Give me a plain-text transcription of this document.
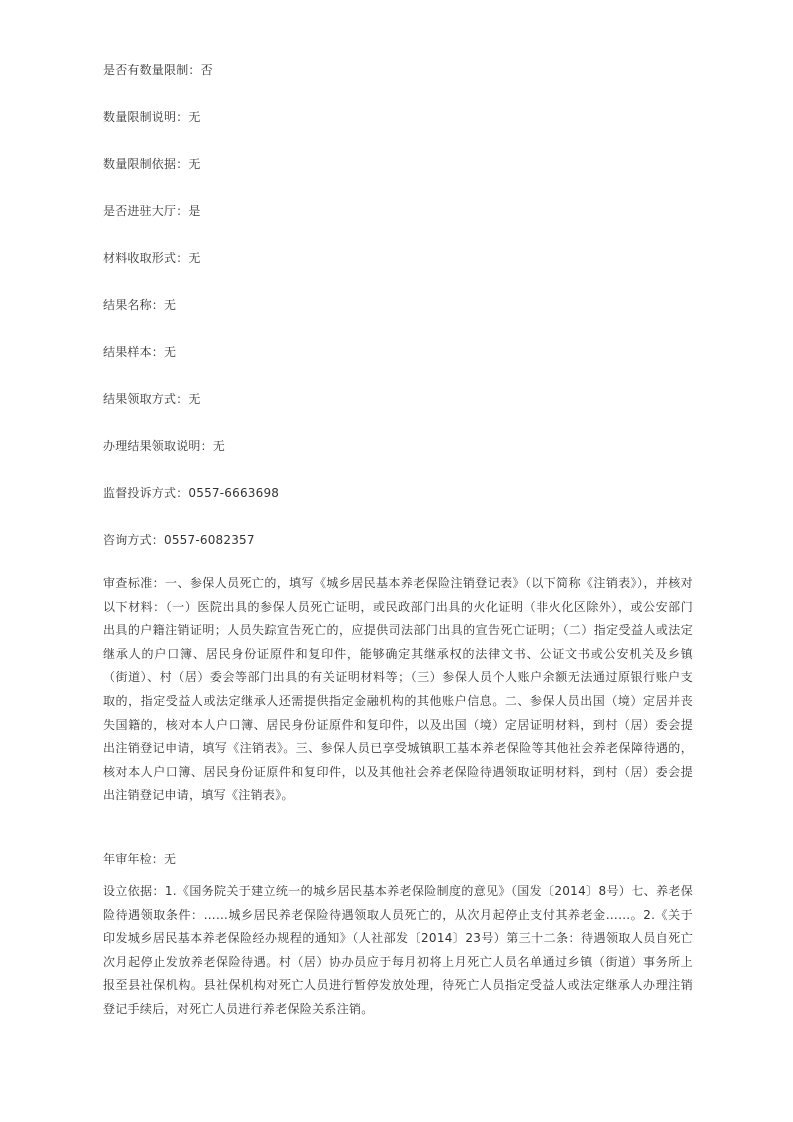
是否有数量限制：否
数量限制说明：无
数量限制依据：无
是否进驻大厅：是
材料收取形式：无
结果名称：无
结果样本：无
结果领取方式：无
办理结果领取说明：无
监督投诉方式：0557-6663698
咨询方式：0557-6082357

审查标准：一、参保人员死亡的，填写《城乡居民基本养老保险注销登记表》（以下简称《注销表》），并核对以下材料：（一）医院出具的参保人员死亡证明，或民政部门出具的火化证明（非火化区除外），或公安部门出具的户籍注销证明；人员失踪宣告死亡的，应提供司法部门出具的宣告死亡证明；（二）指定受益人或法定继承人的户口簿、居民身份证原件和复印件，能够确定其继承权的法律文书、公证文书或公安机关及乡镇（街道）、村（居）委会等部门出具的有关证明材料等；（三）参保人员个人账户余额无法通过原银行账户支取的，指定受益人或法定继承人还需提供指定金融机构的其他账户信息。二、参保人员出国（境）定居并丧失国籍的，核对本人户口簿、居民身份证原件和复印件，以及出国（境）定居证明材料，到村（居）委会提出注销登记申请，填写《注销表》。三、参保人员已享受城镇职工基本养老保险等其他社会养老保障待遇的，核对本人户口簿、居民身份证原件和复印件，以及其他社会养老保险待遇领取证明材料，到村（居）委会提出注销登记申请，填写《注销表》。

年审年检：无

设立依据：1.《国务院关于建立统一的城乡居民基本养老保险制度的意见》（国发〔2014〕8号）七、养老保险待遇领取条件：……城乡居民养老保险待遇领取人员死亡的，从次月起停止支付其养老金……。2.《关于印发城乡居民基本养老保险经办规程的通知》（人社部发〔2014〕23号）第三十二条：待遇领取人员自死亡次月起停止发放养老保险待遇。村（居）协办员应于每月初将上月死亡人员名单通过乡镇（街道）事务所上报至县社保机构。县社保机构对死亡人员进行暂停发放处理，待死亡人员指定受益人或法定继承人办理注销登记手续后，对死亡人员进行养老保险关系注销。
